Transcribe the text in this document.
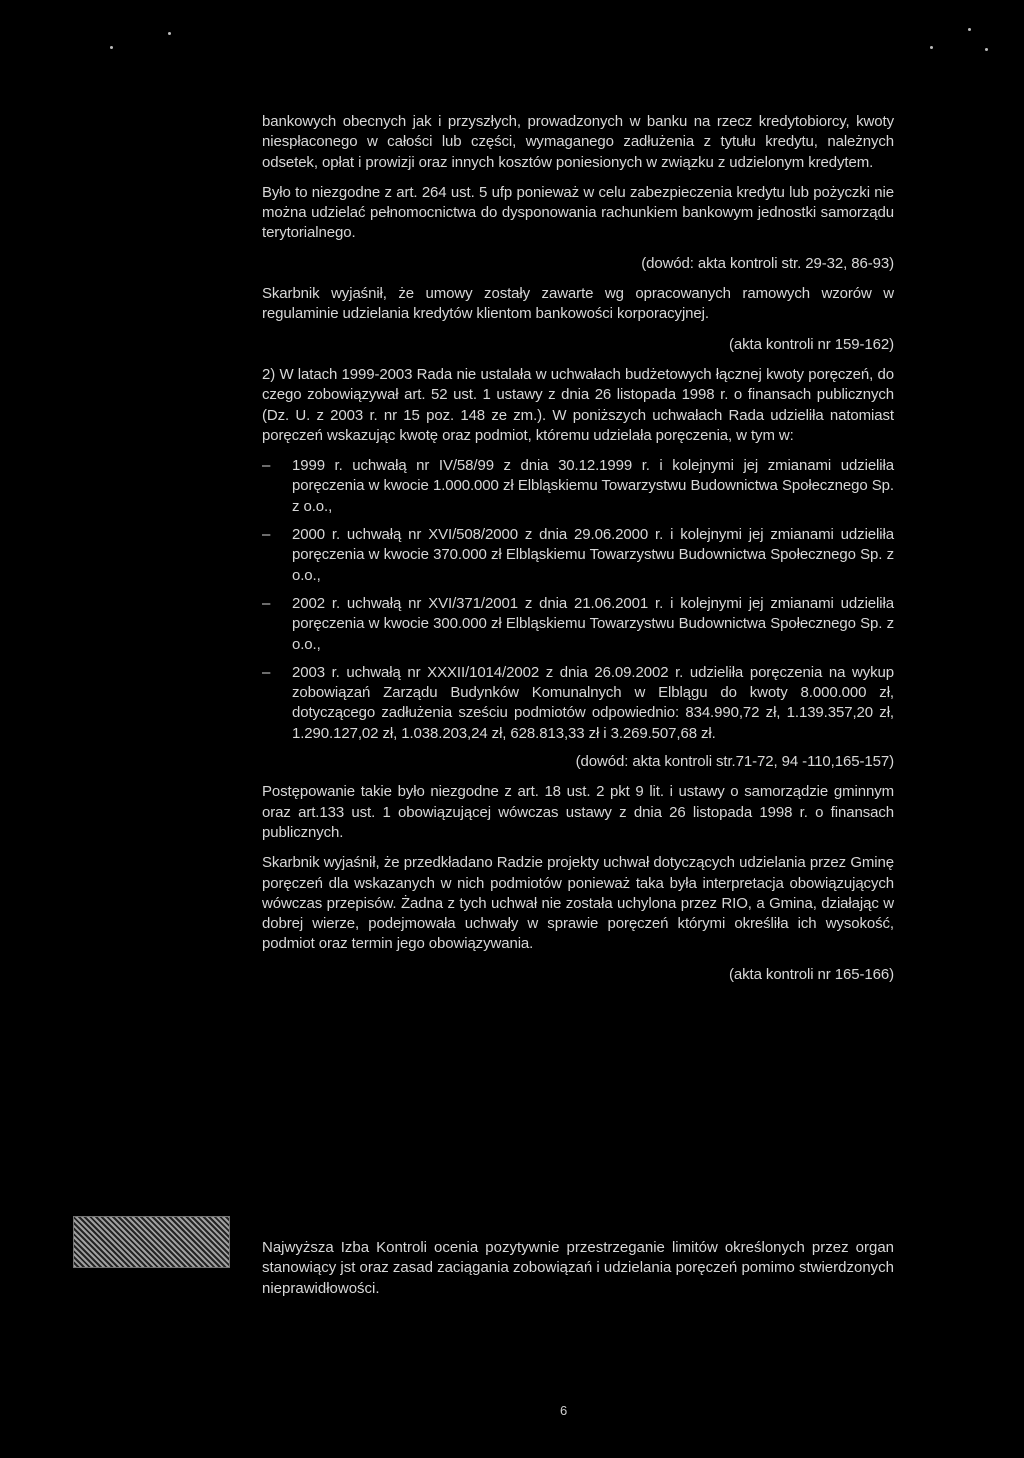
bankowych obecnych jak i przyszłych, prowadzonych w banku na rzecz kredytobiorcy, kwoty niespłaconego w całości lub części, wymaganego zadłużenia z tytułu kredytu, należnych odsetek, opłat i prowizji oraz innych kosztów poniesionych w związku z udzielonym kredytem.

Było to niezgodne z art. 264 ust. 5 ufp ponieważ w celu zabezpieczenia kredytu lub pożyczki nie można udzielać pełnomocnictwa do dysponowania rachunkiem bankowym jednostki samorządu terytorialnego.

(dowód: akta kontroli str. 29-32, 86-93)

Skarbnik wyjaśnił, że umowy zostały zawarte wg opracowanych ramowych wzorów w regulaminie udzielania kredytów klientom bankowości korporacyjnej.

(akta kontroli nr 159-162)

2) W latach 1999-2003 Rada nie ustalała w uchwałach budżetowych łącznej kwoty poręczeń, do czego zobowiązywał art. 52 ust. 1 ustawy z dnia 26 listopada 1998 r. o finansach publicznych (Dz. U. z 2003 r. nr 15 poz. 148 ze zm.). W poniższych uchwałach Rada udzieliła natomiast poręczeń wskazując kwotę oraz podmiot, któremu udzielała poręczenia, w tym w:

– 1999 r. uchwałą nr IV/58/99 z dnia 30.12.1999 r. i kolejnymi jej zmianami udzieliła poręczenia w kwocie 1.000.000 zł Elbląskiemu Towarzystwu Budownictwa Społecznego Sp. z o.o.,
– 2000 r. uchwałą nr XVI/508/2000 z dnia 29.06.2000 r. i kolejnymi jej zmianami udzieliła poręczenia w kwocie 370.000 zł Elbląskiemu Towarzystwu Budownictwa Społecznego Sp. z o.o.,
– 2002 r. uchwałą nr XVI/371/2001 z dnia 21.06.2001 r. i kolejnymi jej zmianami udzieliła poręczenia w kwocie 300.000 zł Elbląskiemu Towarzystwu Budownictwa Społecznego Sp. z o.o.,
– 2003 r. uchwałą nr XXXII/1014/2002 z dnia 26.09.2002 r. udzieliła poręczenia na wykup zobowiązań Zarządu Budynków Komunalnych w Elblągu do kwoty 8.000.000 zł, dotyczącego zadłużenia sześciu podmiotów odpowiednio: 834.990,72 zł, 1.139.357,20 zł, 1.290.127,02 zł, 1.038.203,24 zł, 628.813,33 zł i 3.269.507,68 zł.

(dowód: akta kontroli str.71-72, 94 -110,165-157)

Postępowanie takie było niezgodne z art. 18 ust. 2 pkt 9 lit. i ustawy o samorządzie gminnym oraz art.133 ust. 1 obowiązującej wówczas ustawy z dnia 26 listopada 1998 r. o finansach publicznych.

Skarbnik wyjaśnił, że przedkładano Radzie projekty uchwał dotyczących udzielania przez Gminę poręczeń dla wskazanych w nich podmiotów ponieważ taka była interpretacja obowiązujących wówczas przepisów. Żadna z tych uchwał nie została uchylona przez RIO, a Gmina, działając w dobrej wierze, podejmowała uchwały w sprawie poręczeń którymi określiła ich wysokość, podmiot oraz termin jego obowiązywania.

(akta kontroli nr 165-166)

Najwyższa Izba Kontroli ocenia pozytywnie przestrzeganie limitów określonych przez organ stanowiący jst oraz zasad zaciągania zobowiązań i udzielania poręczeń pomimo stwierdzonych nieprawidłowości.

6
